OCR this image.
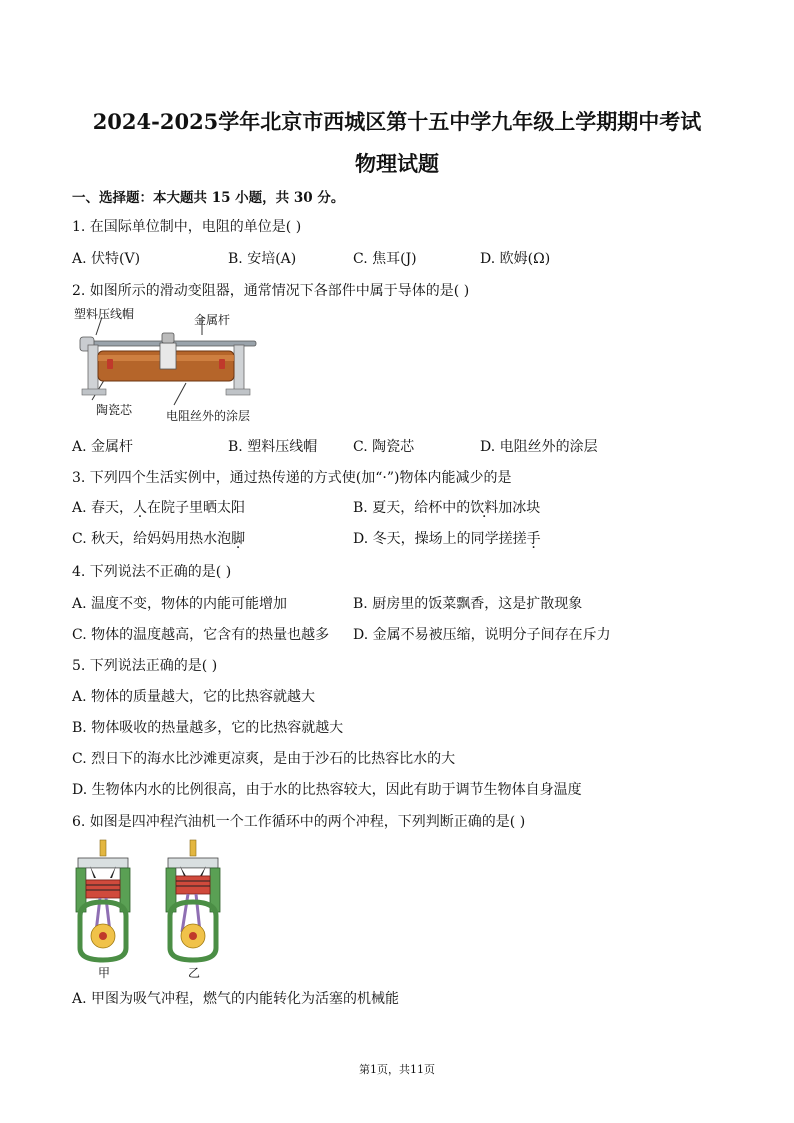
2024-2025学年北京市西城区第十五中学九年级上学期期中考试
物理试题
一、选择题：本大题共 15 小题，共 30 分。
1. 在国际单位制中，电阻的单位是( )
A. 伏特(V)	B. 安培(A)	C. 焦耳(J)	D. 欧姆(Ω)
2. 如图所示的滑动变阻器，通常情况下各部件中属于导体的是( )
塑料压线帽	金属杆
陶瓷芯	电阻丝外的涂层
A. 金属杆	B. 塑料压线帽	C. 陶瓷芯	D. 电阻丝外的涂层
3. 下列四个生活实例中，通过热传递的方式使(加“·”)物体内能减少的是
A. 春天，人在院子里晒太阳	B. 夏天，给杯中的饮料加冰块
C. 秋天，给妈妈用热水泡脚	D. 冬天，操场上的同学搓搓手
4. 下列说法不正确的是( )
A. 温度不变，物体的内能可能增加	B. 厨房里的饭菜飘香，这是扩散现象
C. 物体的温度越高，它含有的热量也越多 D. 金属不易被压缩，说明分子间存在斥力
5. 下列说法正确的是( )
A. 物体的质量越大，它的比热容就越大
B. 物体吸收的热量越多，它的比热容就越大
C. 烈日下的海水比沙滩更凉爽，是由于沙石的比热容比水的大
D. 生物体内水的比例很高，由于水的比热容较大，因此有助于调节生物体自身温度
6. 如图是四冲程汽油机一个工作循环中的两个冲程，下列判断正确的是( )
甲	乙
A. 甲图为吸气冲程，燃气的内能转化为活塞的机械能
第1页，共11页
